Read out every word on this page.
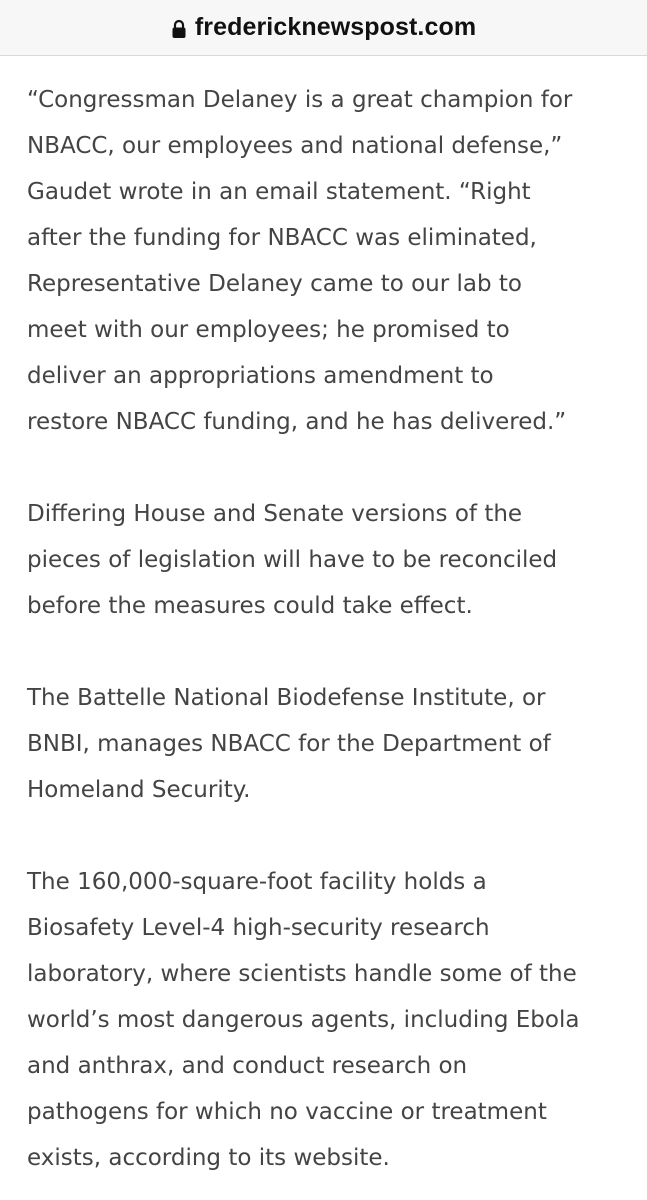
fredericknewspost.com

“Congressman Delaney is a great champion for
NBACC, our employees and national defense,”
Gaudet wrote in an email statement. “Right
after the funding for NBACC was eliminated,
Representative Delaney came to our lab to
meet with our employees; he promised to
deliver an appropriations amendment to
restore NBACC funding, and he has delivered.”

Differing House and Senate versions of the
pieces of legislation will have to be reconciled
before the measures could take effect.

The Battelle National Biodefense Institute, or
BNBI, manages NBACC for the Department of
Homeland Security.

The 160,000-square-foot facility holds a
Biosafety Level-4 high-security research
laboratory, where scientists handle some of the
world’s most dangerous agents, including Ebola
and anthrax, and conduct research on
pathogens for which no vaccine or treatment
exists, according to its website.
